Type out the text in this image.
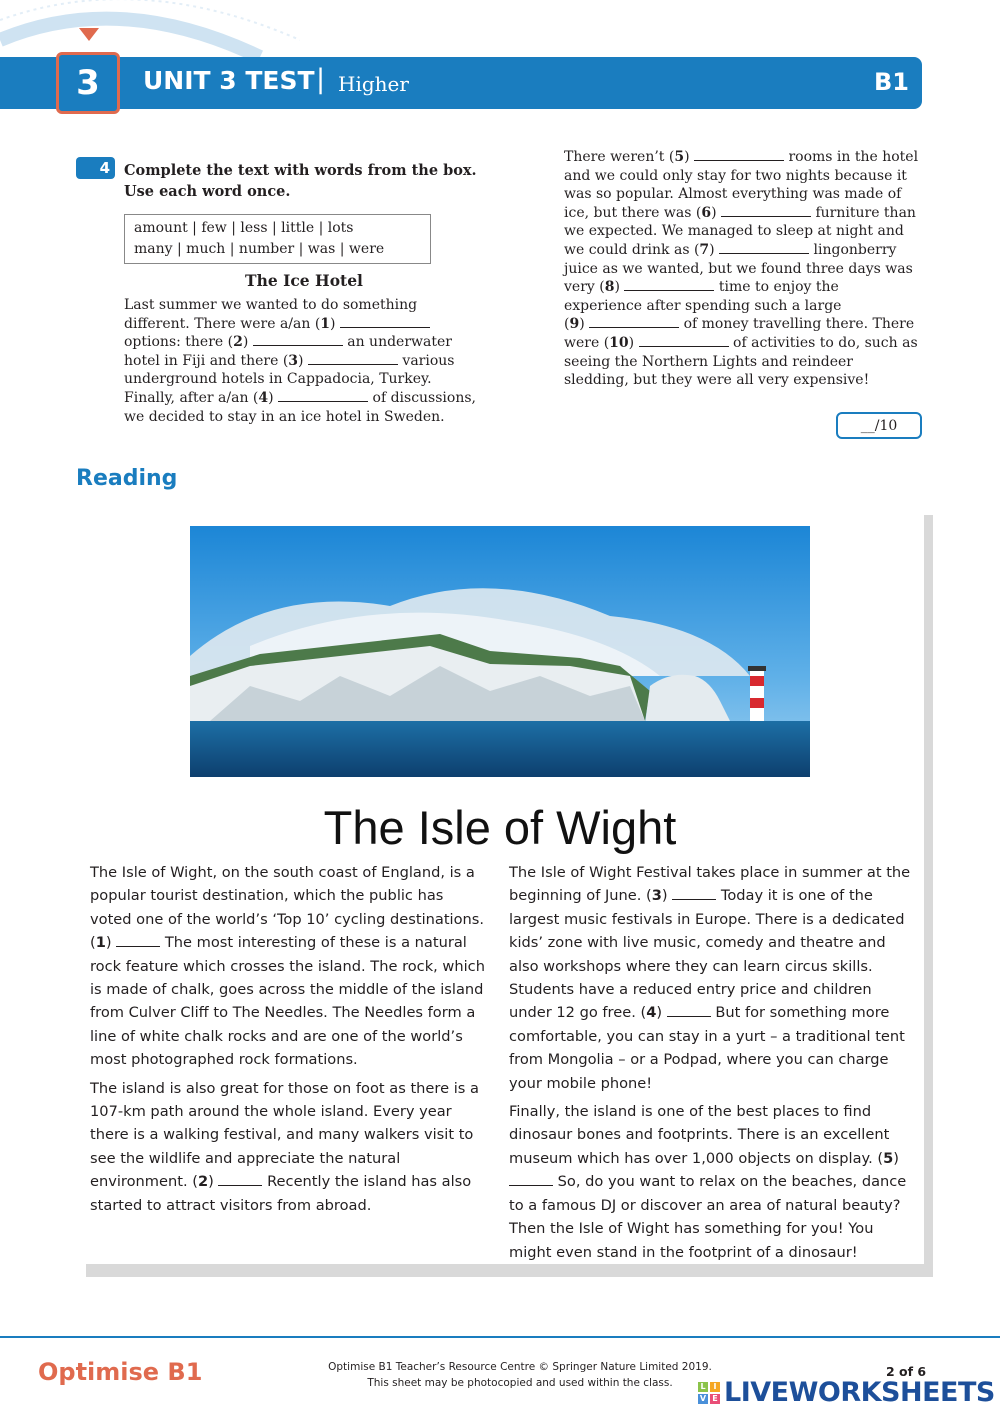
3 UNIT 3 TEST | Higher	B1
4 Complete the text with words from the box. Use each word once.
amount | few | less | little | lots
many | much | number | was | were
The Ice Hotel
Last summer we wanted to do something
different. There were a/an (1)
options: there (2)	an underwater
hotel in Fiji and there (3)	various
underground hotels in Cappadocia, Turkey.
Finally, after a/an (4)	of discussions,
we decided to stay in an ice hotel in Sweden.
There weren’t (5)	rooms in the hotel
and we could only stay for two nights because it
was so popular. Almost everything was made of
ice, but there was (6)	furniture than
we expected. We managed to sleep at night and
we could drink as (7)	lingonberry
juice as we wanted, but we found three days was
very (8)	time to enjoy the
experience after spending such a large
(9)	of money travelling there. There
were (10)	of activities to do, such as
seeing the Northern Lights and reindeer
sledding, but they were all very expensive!
__/10
Reading
The Isle of Wight

The Isle of Wight, on the south coast of England, is a popular tourist destination, which the public has voted one of the world’s ‘Top 10’ cycling destinations. (1)	The most interesting of these is a natural rock feature which crosses the island. The rock, which is made of chalk, goes across the middle of the island from Culver Cliff to The Needles. The Needles form a line of white chalk rocks and are one of the world’s most photographed rock formations.

The island is also great for those on foot as there is a 107-km path around the whole island. Every year there is a walking festival, and many walkers visit to see the wildlife and appreciate the natural environment. (2)	Recently the island has also started to attract visitors from abroad.

The Isle of Wight Festival takes place in summer at the beginning of June. (3)	Today it is one of the largest music festivals in Europe. There is a dedicated kids’ zone with live music, comedy and theatre and also workshops where they can learn circus skills. Students have a reduced entry price and children under 12 go free. (4)	But for something more comfortable, you can stay in a yurt – a traditional tent from Mongolia – or a Podpad, where you can charge your mobile phone!

Finally, the island is one of the best places to find dinosaur bones and footprints. There is an excellent museum which has over 1,000 objects on display. (5)  So, do you want to relax on the beaches, dance to a famous DJ or discover an area of natural beauty? Then the Isle of Wight has something for you! You might even stand in the footprint of a dinosaur!

Optimise B1	Optimise B1 Teacher’s Resource Centre © Springer Nature Limited 2019.
This sheet may be photocopied and used within the class.
2 of 6
L I
V E LIVEWORKSHEETS
